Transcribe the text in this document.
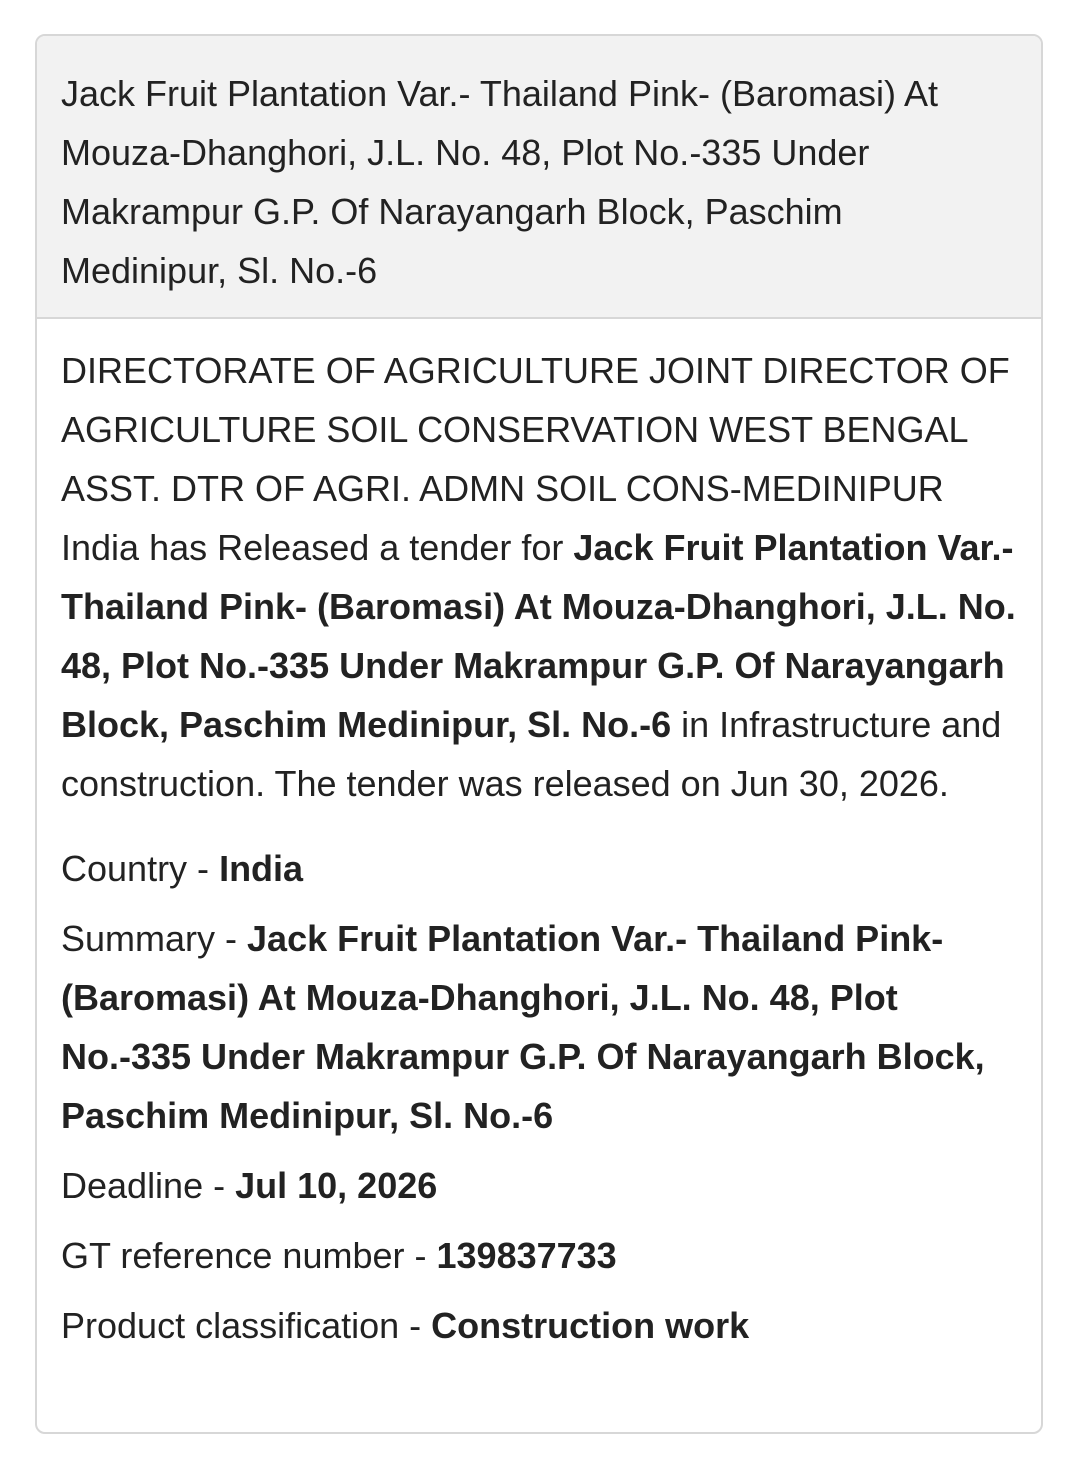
Jack Fruit Plantation Var.- Thailand Pink- (Baromasi) At Mouza-Dhanghori, J.L. No. 48, Plot No.-335 Under Makrampur G.P. Of Narayangarh Block, Paschim Medinipur, Sl. No.-6

DIRECTORATE OF AGRICULTURE JOINT DIRECTOR OF AGRICULTURE SOIL CONSERVATION WEST BENGAL ASST. DTR OF AGRI. ADMN SOIL CONS-MEDINIPUR India has Released a tender for Jack Fruit Plantation Var.- Thailand Pink- (Baromasi) At Mouza-Dhanghori, J.L. No. 48, Plot No.-335 Under Makrampur G.P. Of Narayangarh Block, Paschim Medinipur, Sl. No.-6 in Infrastructure and construction. The tender was released on Jun 30, 2026.

Country - India
Summary - Jack Fruit Plantation Var.- Thailand Pink- (Baromasi) At Mouza-Dhanghori, J.L. No. 48, Plot No.-335 Under Makrampur G.P. Of Narayangarh Block, Paschim Medinipur, Sl. No.-6
Deadline - Jul 10, 2026
GT reference number - 139837733
Product classification - Construction work
